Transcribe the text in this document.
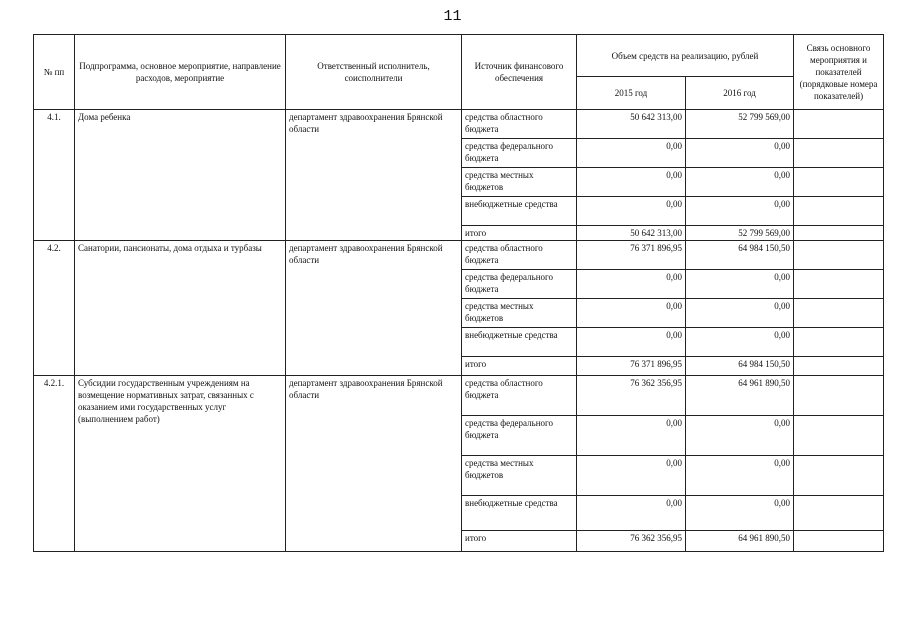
11
№ пп	Подпрограмма, основное мероприятие, направление расходов, мероприятие	Ответственный исполнитель, соисполнители	Источник финансового обеспечения	Объем средств на реализацию, рублей		Связь основного мероприятия и показателей (порядковые номера показателей)
				2015 год	2016 год	
4.1.	Дома ребенка	департамент здравоохранения Брянской области	средства областного бюджета	50 642 313,00	52 799 569,00	
			средства федерального бюджета	0,00	0,00	
			средства местных бюджетов	0,00	0,00	
			внебюджетные средства	0,00	0,00	
			итого	50 642 313,00	52 799 569,00	
4.2.	Санатории, пансионаты, дома отдыха и турбазы	департамент здравоохранения Брянской области	средства областного бюджета	76 371 896,95	64 984 150,50	
			средства федерального бюджета	0,00	0,00	
			средства местных бюджетов	0,00	0,00	
			внебюджетные средства	0,00	0,00	
			итого	76 371 896,95	64 984 150,50	
4.2.1.	Субсидии государственным учреждениям на возмещение нормативных затрат, связанных с оказанием ими государственных услуг (выполнением работ)	департамент здравоохранения Брянской области	средства областного бюджета	76 362 356,95	64 961 890,50	
			средства федерального бюджета	0,00	0,00	
			средства местных бюджетов	0,00	0,00	
			внебюджетные средства	0,00	0,00	
			итого	76 362 356,95	64 961 890,50	
